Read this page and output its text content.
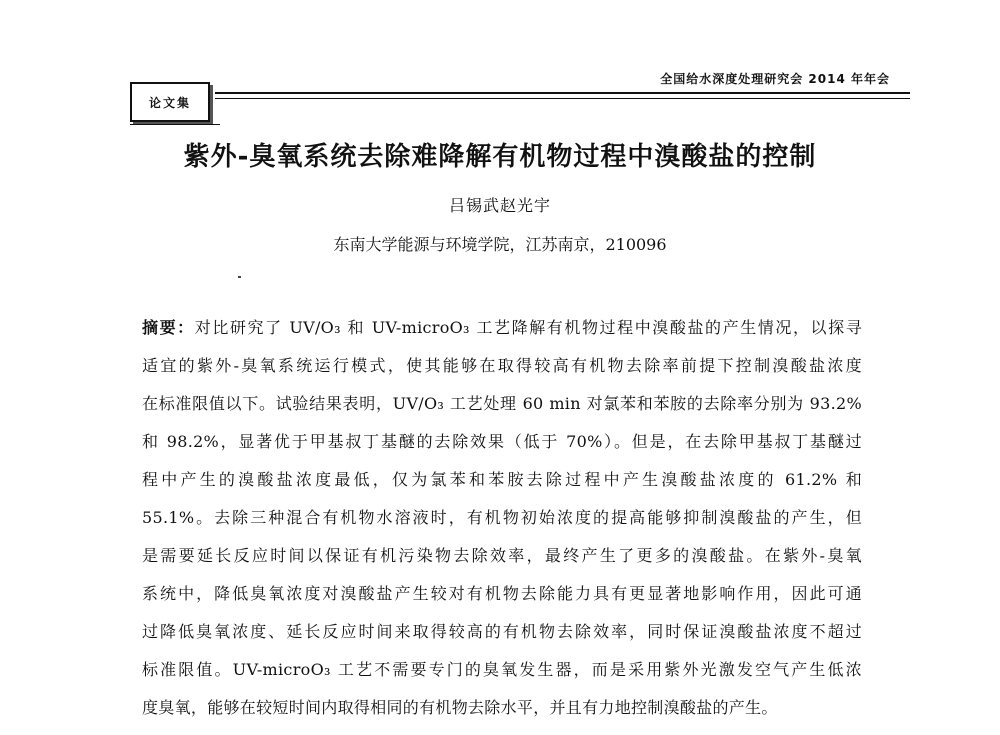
全国给水深度处理研究会 2014 年年会
论文集
紫外-臭氧系统去除难降解有机物过程中溴酸盐的控制
吕锡武赵光宇
东南大学能源与环境学院，江苏南京，210096
摘要：对比研究了 UV/O₃ 和 UV-microO₃ 工艺降解有机物过程中溴酸盐的产生情况，以探寻
适宜的紫外-臭氧系统运行模式，使其能够在取得较高有机物去除率前提下控制溴酸盐浓度
在标准限值以下。试验结果表明，UV/O₃ 工艺处理 60 min 对氯苯和苯胺的去除率分别为 93.2%
和 98.2%，显著优于甲基叔丁基醚的去除效果（低于 70%）。但是，在去除甲基叔丁基醚过
程中产生的溴酸盐浓度最低，仅为氯苯和苯胺去除过程中产生溴酸盐浓度的 61.2% 和
55.1%。去除三种混合有机物水溶液时，有机物初始浓度的提高能够抑制溴酸盐的产生，但
是需要延长反应时间以保证有机污染物去除效率，最终产生了更多的溴酸盐。在紫外-臭氧
系统中，降低臭氧浓度对溴酸盐产生较对有机物去除能力具有更显著地影响作用，因此可通
过降低臭氧浓度、延长反应时间来取得较高的有机物去除效率，同时保证溴酸盐浓度不超过
标准限值。UV-microO₃ 工艺不需要专门的臭氧发生器，而是采用紫外光激发空气产生低浓
度臭氧，能够在较短时间内取得相同的有机物去除水平，并且有力地控制溴酸盐的产生。
